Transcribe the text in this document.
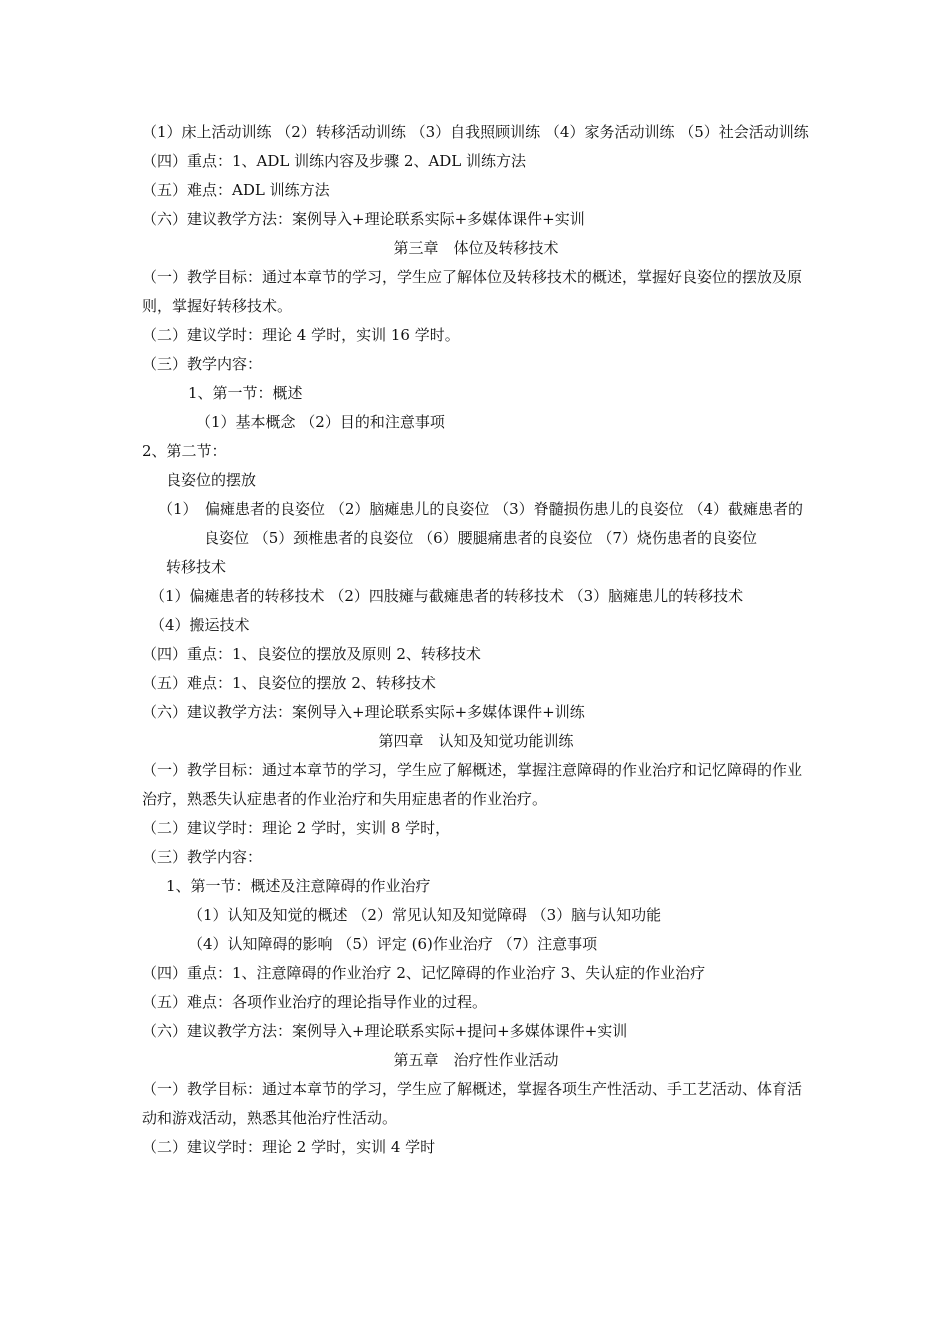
（1）床上活动训练 （2）转移活动训练 （3）自我照顾训练 （4）家务活动训练 （5）社会活动训练

（四）重点：1、ADL 训练内容及步骤 2、ADL 训练方法

（五）难点：ADL 训练方法

（六）建议教学方法：案例导入+理论联系实际+多媒体课件+实训

第三章　体位及转移技术

（一）教学目标：通过本章节的学习，学生应了解体位及转移技术的概述，掌握好良姿位的摆放及原则，掌握好转移技术。

（二）建议学时：理论 4 学时，实训 16 学时。

（三）教学内容：

1、第一节：概述

（1）基本概念 （2）目的和注意事项

2、第二节：

良姿位的摆放

（1）　偏瘫患者的良姿位 （2）脑瘫患儿的良姿位 （3）脊髓损伤患儿的良姿位 （4）截瘫患者的良姿位 （5）颈椎患者的良姿位 （6）腰腿痛患者的良姿位 （7）烧伤患者的良姿位

转移技术

（1）偏瘫患者的转移技术 （2）四肢瘫与截瘫患者的转移技术 （3）脑瘫患儿的转移技术

（4）搬运技术

（四）重点：1、良姿位的摆放及原则 2、转移技术

（五）难点：1、良姿位的摆放 2、转移技术

（六）建议教学方法：案例导入+理论联系实际+多媒体课件+训练

第四章　认知及知觉功能训练

（一）教学目标：通过本章节的学习，学生应了解概述，掌握注意障碍的作业治疗和记忆障碍的作业治疗，熟悉失认症患者的作业治疗和失用症患者的作业治疗。

（二）建议学时：理论 2 学时，实训 8 学时，

（三）教学内容：

1、第一节：概述及注意障碍的作业治疗

（1）认知及知觉的概述 （2）常见认知及知觉障碍 （3）脑与认知功能

（4）认知障碍的影响 （5）评定 (6)作业治疗 （7）注意事项

（四）重点：1、注意障碍的作业治疗 2、记忆障碍的作业治疗 3、失认症的作业治疗

（五）难点：各项作业治疗的理论指导作业的过程。

（六）建议教学方法：案例导入+理论联系实际+提问+多媒体课件+实训

第五章　治疗性作业活动

（一）教学目标：通过本章节的学习，学生应了解概述，掌握各项生产性活动、手工艺活动、体育活动和游戏活动，熟悉其他治疗性活动。

（二）建议学时：理论 2 学时，实训 4 学时
